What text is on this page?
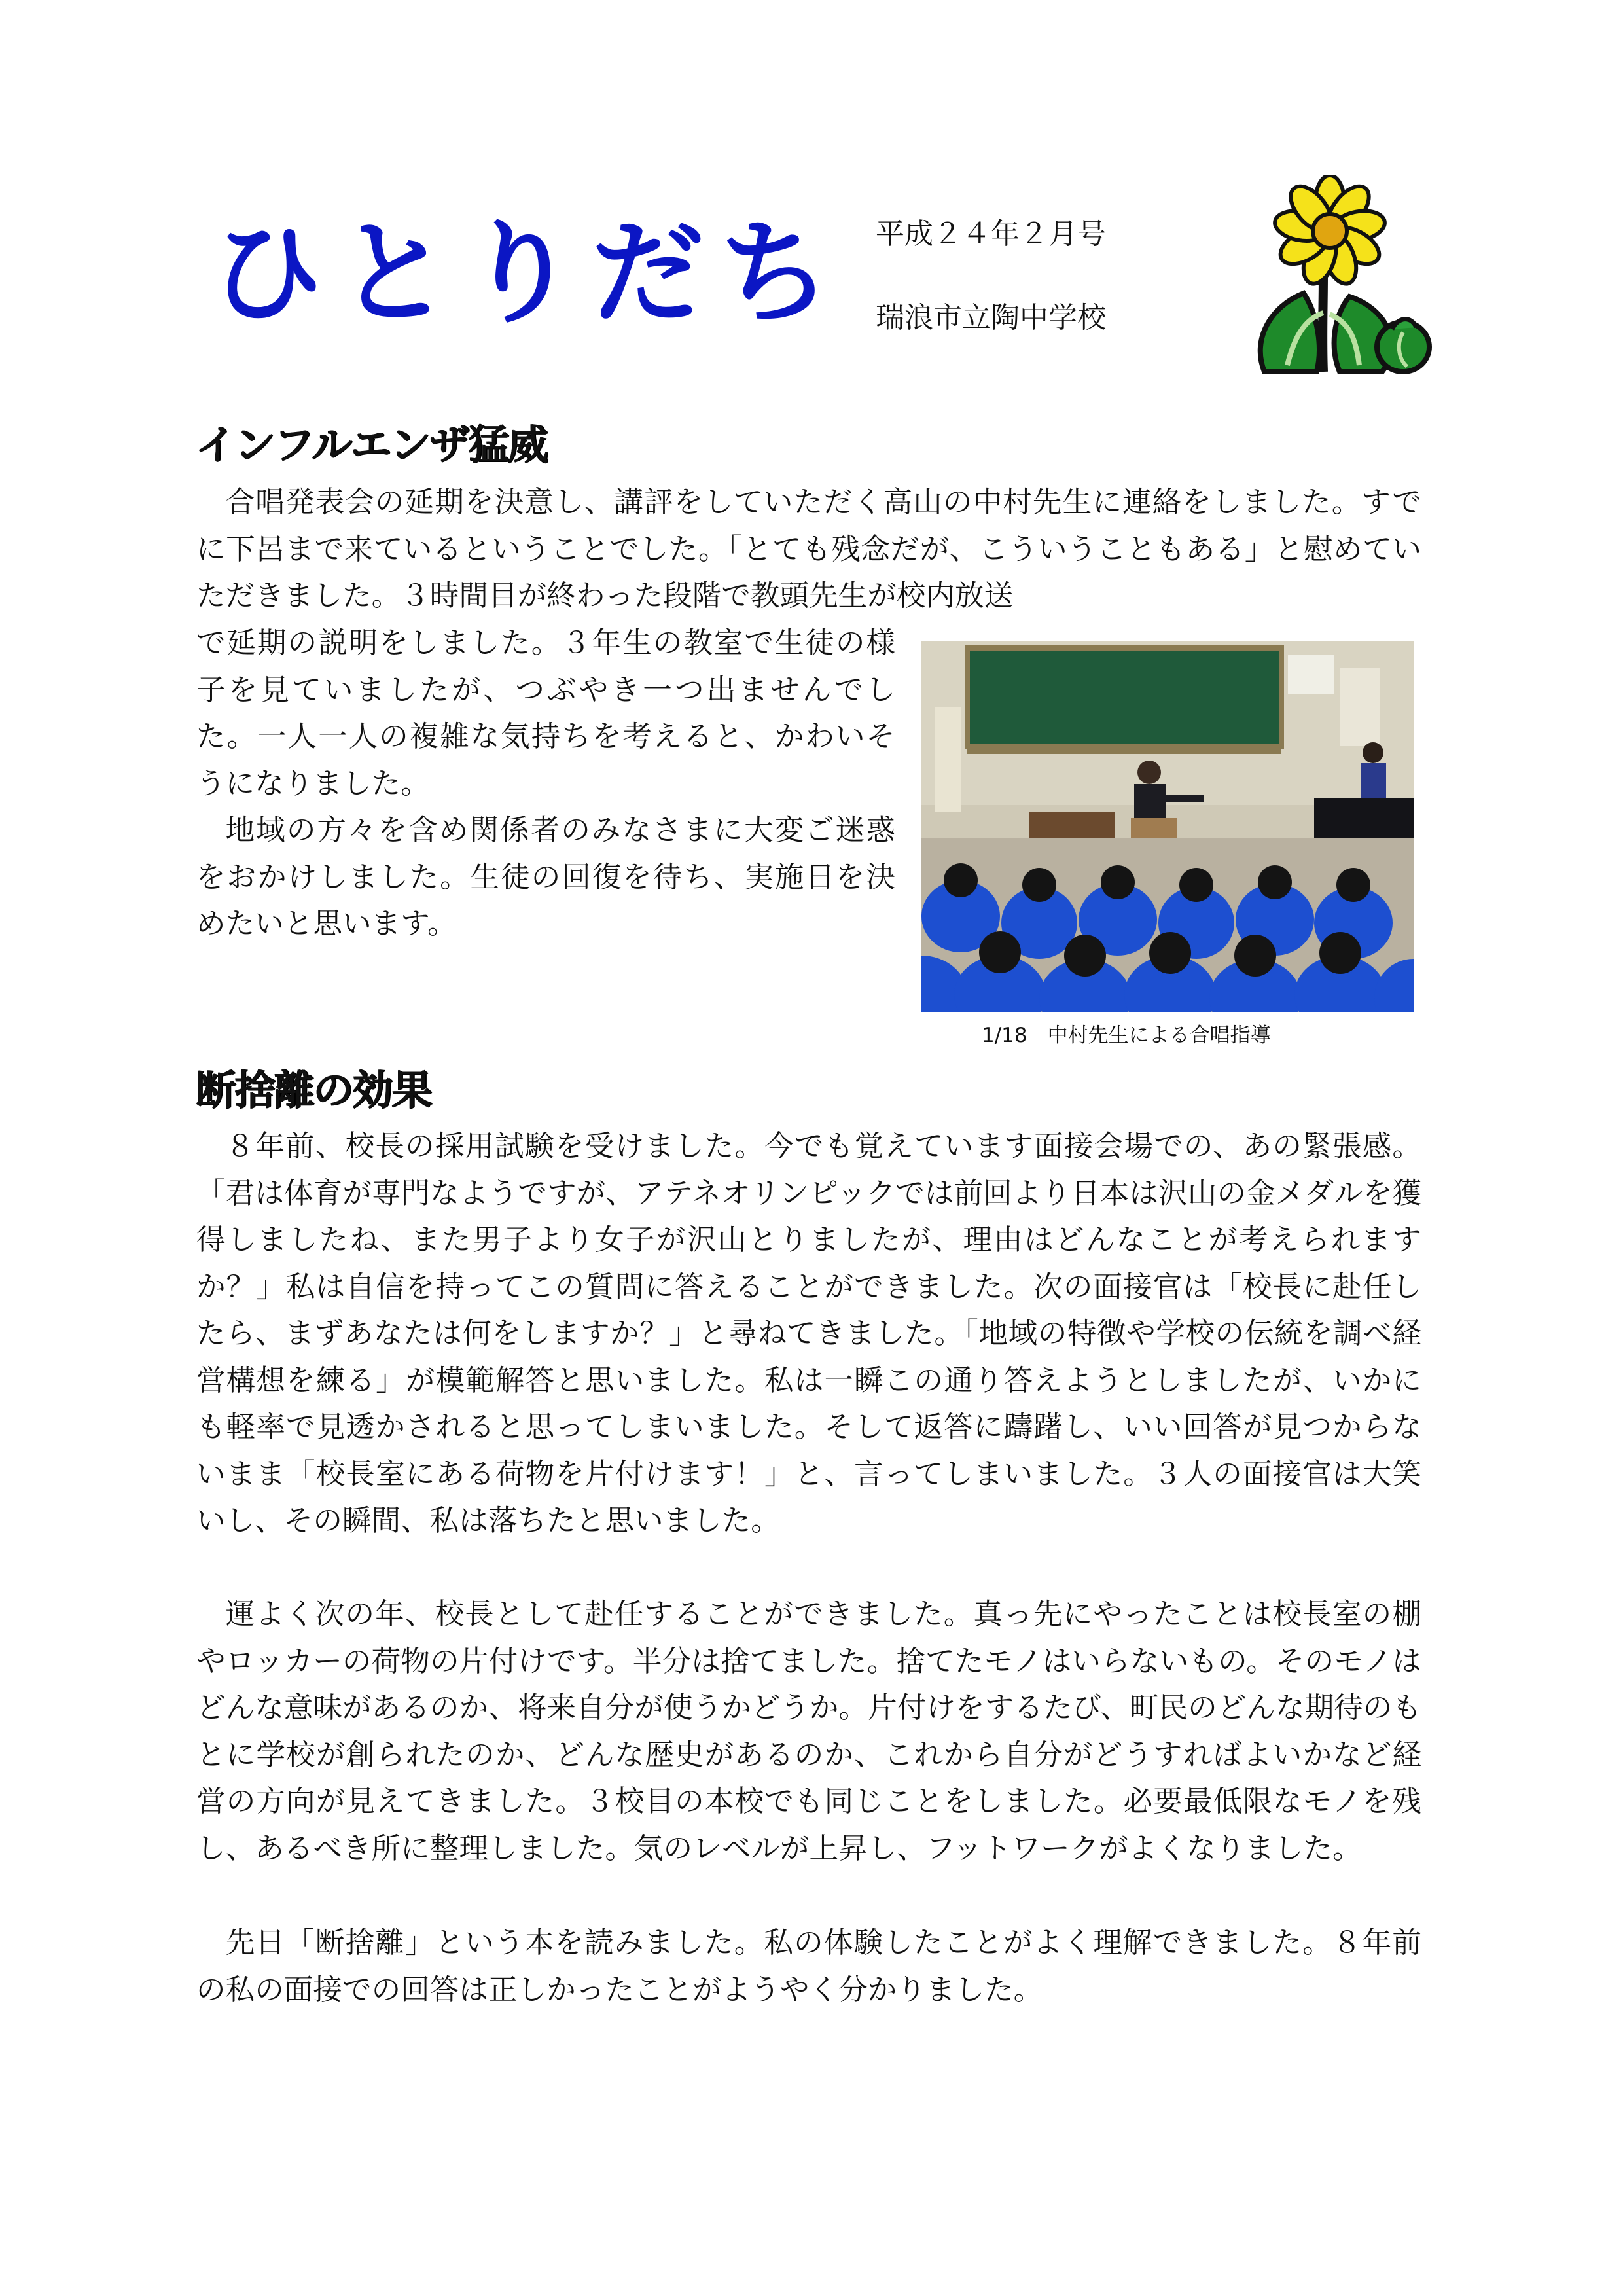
ひとりだち 平成２４年２月号
瑞浪市立陶中学校
インフルエンザ猛威

合唱発表会の延期を決意し、講評をしていただく高山の中村先生に連絡をしました。すでに下呂まで来ているということでした。「とても残念だが、こういうこともある」と慰めていただきました。３時間目が終わった段階で教頭先生が校内放送

で延期の説明をしました。３年生の教室で生徒の様子を見ていましたが、つぶやき一つ出ませんでした。一人一人の複雑な気持ちを考えると、かわいそうになりました。

地域の方々を含め関係者のみなさまに大変ご迷惑をおかけしました。生徒の回復を待ち、実施日を決めたいと思います。

1/18　中村先生による合唱指導
断捨離の効果

８年前、校長の採用試験を受けました。今でも覚えています面接会場での、あの緊張感。「君は体育が専門なようですが、アテネオリンピックでは前回より日本は沢山の金メダルを獲得しましたね、また男子より女子が沢山とりましたが、理由はどんなことが考えられますか？」私は自信を持ってこの質問に答えることができました。次の面接官は「校長に赴任したら、まずあなたは何をしますか？」と尋ねてきました。「地域の特徴や学校の伝統を調べ経営構想を練る」が模範解答と思いました。私は一瞬この通り答えようとしましたが、いかにも軽率で見透かされると思ってしまいました。そして返答に躊躇し、いい回答が見つからないまま「校長室にある荷物を片付けます！」と、言ってしまいました。３人の面接官は大笑いし、その瞬間、私は落ちたと思いました。

運よく次の年、校長として赴任することができました。真っ先にやったことは校長室の棚やロッカーの荷物の片付けです。半分は捨てました。捨てたモノはいらないもの。そのモノはどんな意味があるのか、将来自分が使うかどうか。片付けをするたび、町民のどんな期待のもとに学校が創られたのか、どんな歴史があるのか、これから自分がどうすればよいかなど経営の方向が見えてきました。３校目の本校でも同じことをしました。必要最低限なモノを残し、あるべき所に整理しました。気のレベルが上昇し、フットワークがよくなりました。

先日「断捨離」という本を読みました。私の体験したことがよく理解できました。８年前の私の面接での回答は正しかったことがようやく分かりました。
